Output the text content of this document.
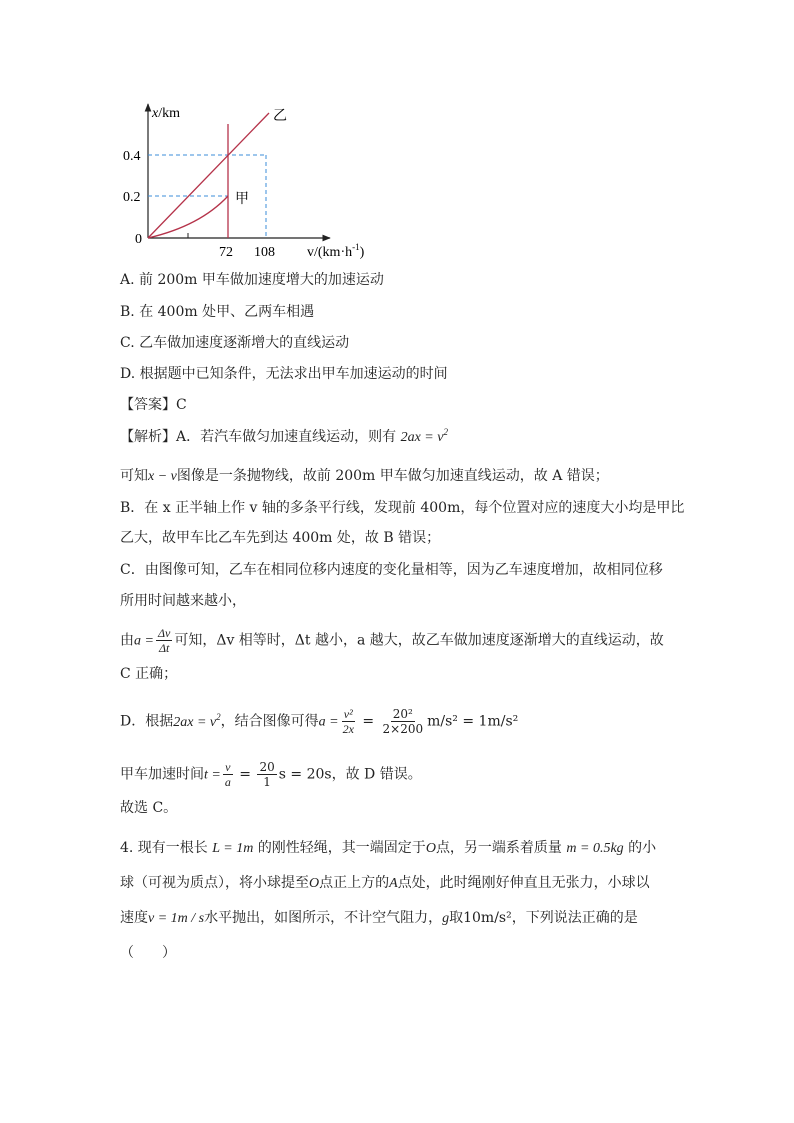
x/km
0.4
0.2
0
72 108 $v/(km\cdot h^{-1})$
甲
乙
A. 前 200m 甲车做加速度增大的加速运动
B. 在 400m 处甲、乙两车相遇
C. 乙车做加速度逐渐增大的直线运动
D. 根据题中已知条件，无法求出甲车加速运动的时间
【答案】C
【解析】A．若汽车做匀加速直线运动，则有 $2ax = v^2$
可知x − v图像是一条抛物线，故前 200m 甲车做匀加速直线运动，故 A 错误；
B．在 x 正半轴上作 v 轴的多条平行线，发现前 400m，每个位置对应的速度大小均是甲比
乙大，故甲车比乙车先到达 400m 处，故 B 错误；
C．由图像可知，乙车在相同位移内速度的变化量相等，因为乙车速度增加，故相同位移
所用时间越来越小，
由$a = \frac{\Delta v}{\Delta t}$ 可知，Δv 相等时，Δt 越小，a 越大，故乙车做加速度逐渐增大的直线运动，故
C 正确；
D．根据$2ax = v^2$，结合图像可得$a = \frac{\text{v²}}{2x} = \frac{\text{20²}}{2\times 200} m/s^2 = 1m/s^2$
甲车加速时间$t = \frac{v}{a} = \frac{20}{1}$ s = 20s，故 D 错误。
故选 C。
4. 现有一根长 L = 1m 的刚性轻绳，其一端固定于O点，另一端系着质量 m = 0.5kg 的小
球（可视为质点），将小球提至O点正上方的A点处，此时绳刚好伸直且无张力，小球以
速度v = 1m / s水平抛出，如图所示，不计空气阻力，g取10m/s²，下列说法正确的是
（　　）
